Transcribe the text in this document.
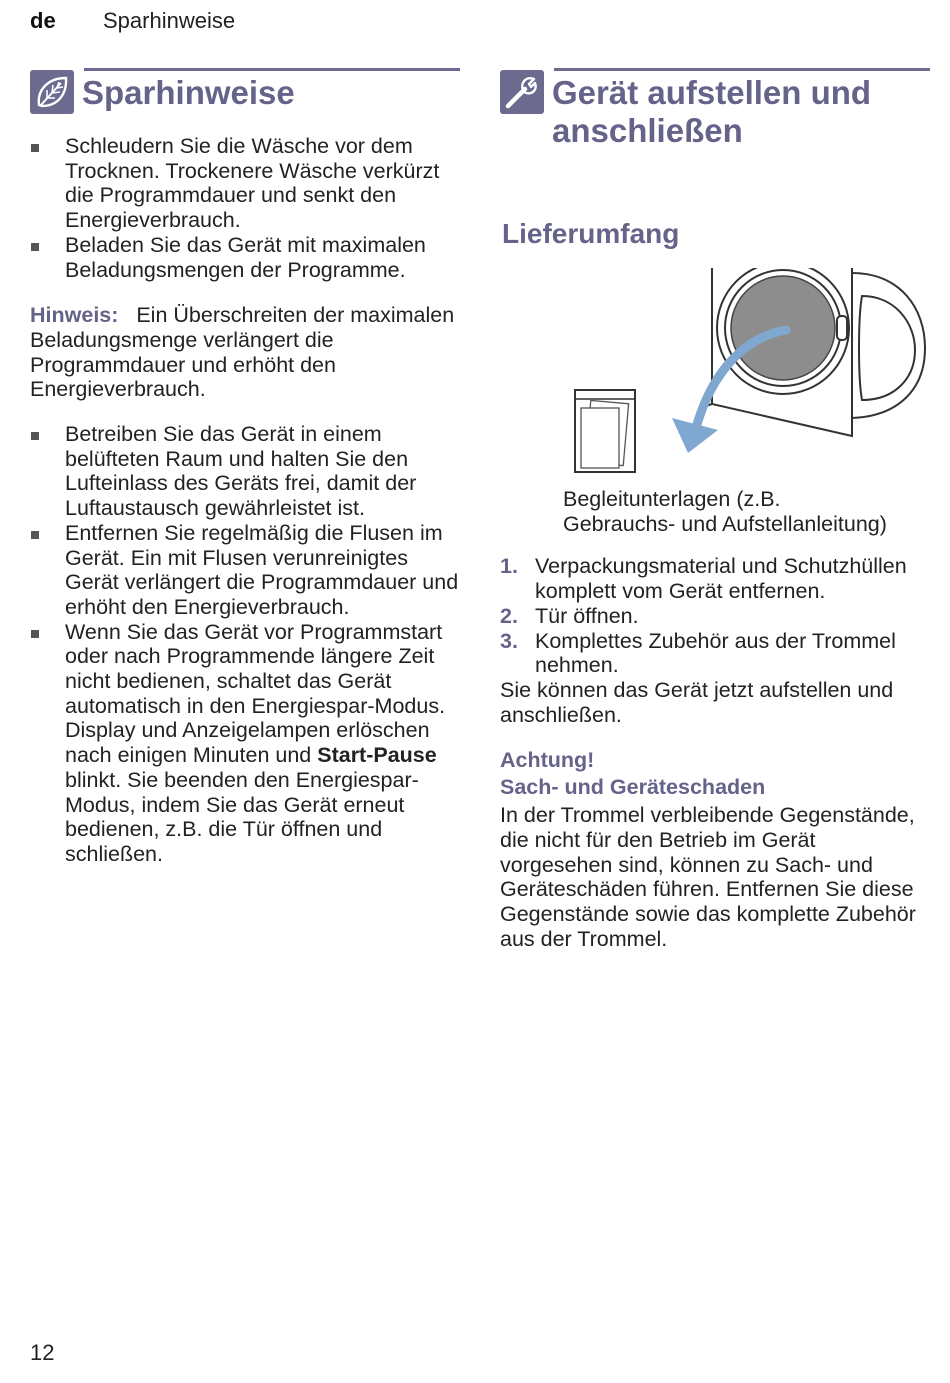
de Sparhinweise
Sparhinweise
Schleudern Sie die Wäsche vor dem Trocknen. Trockenere Wäsche verkürzt die Programmdauer und senkt den Energieverbrauch.
Beladen Sie das Gerät mit maximalen Beladungsmengen der Programme.

Hinweis: Ein Überschreiten der maximalen Beladungsmenge verlängert die Programmdauer und erhöht den Energieverbrauch.

Betreiben Sie das Gerät in einem belüfteten Raum und halten Sie den Lufteinlass des Geräts frei, damit der Luftaustausch gewährleistet ist.
Entfernen Sie regelmäßig die Flusen im Gerät. Ein mit Flusen verunreinigtes Gerät verlängert die Programmdauer und erhöht den Energieverbrauch.
Wenn Sie das Gerät vor Programmstart oder nach Programmende längere Zeit nicht bedienen, schaltet das Gerät automatisch in den Energiespar-Modus. Display und Anzeigelampen erlöschen nach einigen Minuten und Start-Pause  blinkt. Sie beenden den Energiespar-Modus, indem Sie das Gerät erneut bedienen, z.B. die Tür öffnen und schließen.
Gerät aufstellen und anschließen
Lieferumfang
Begleitunterlagen (z.B.
Gebrauchs- und Aufstellanleitung)
1. Verpackungsmaterial und Schutzhüllen komplett vom Gerät entfernen.
2. Tür öffnen.
3. Komplettes Zubehör aus der Trommel nehmen.

Sie können das Gerät jetzt aufstellen und anschließen.

Achtung!
Sach- und Geräteschaden

In der Trommel verbleibende Gegenstände, die nicht für den Betrieb im Gerät vorgesehen sind, können zu Sach- und Geräteschäden führen. Entfernen Sie diese Gegenstände sowie das komplette Zubehör aus der Trommel.

12
